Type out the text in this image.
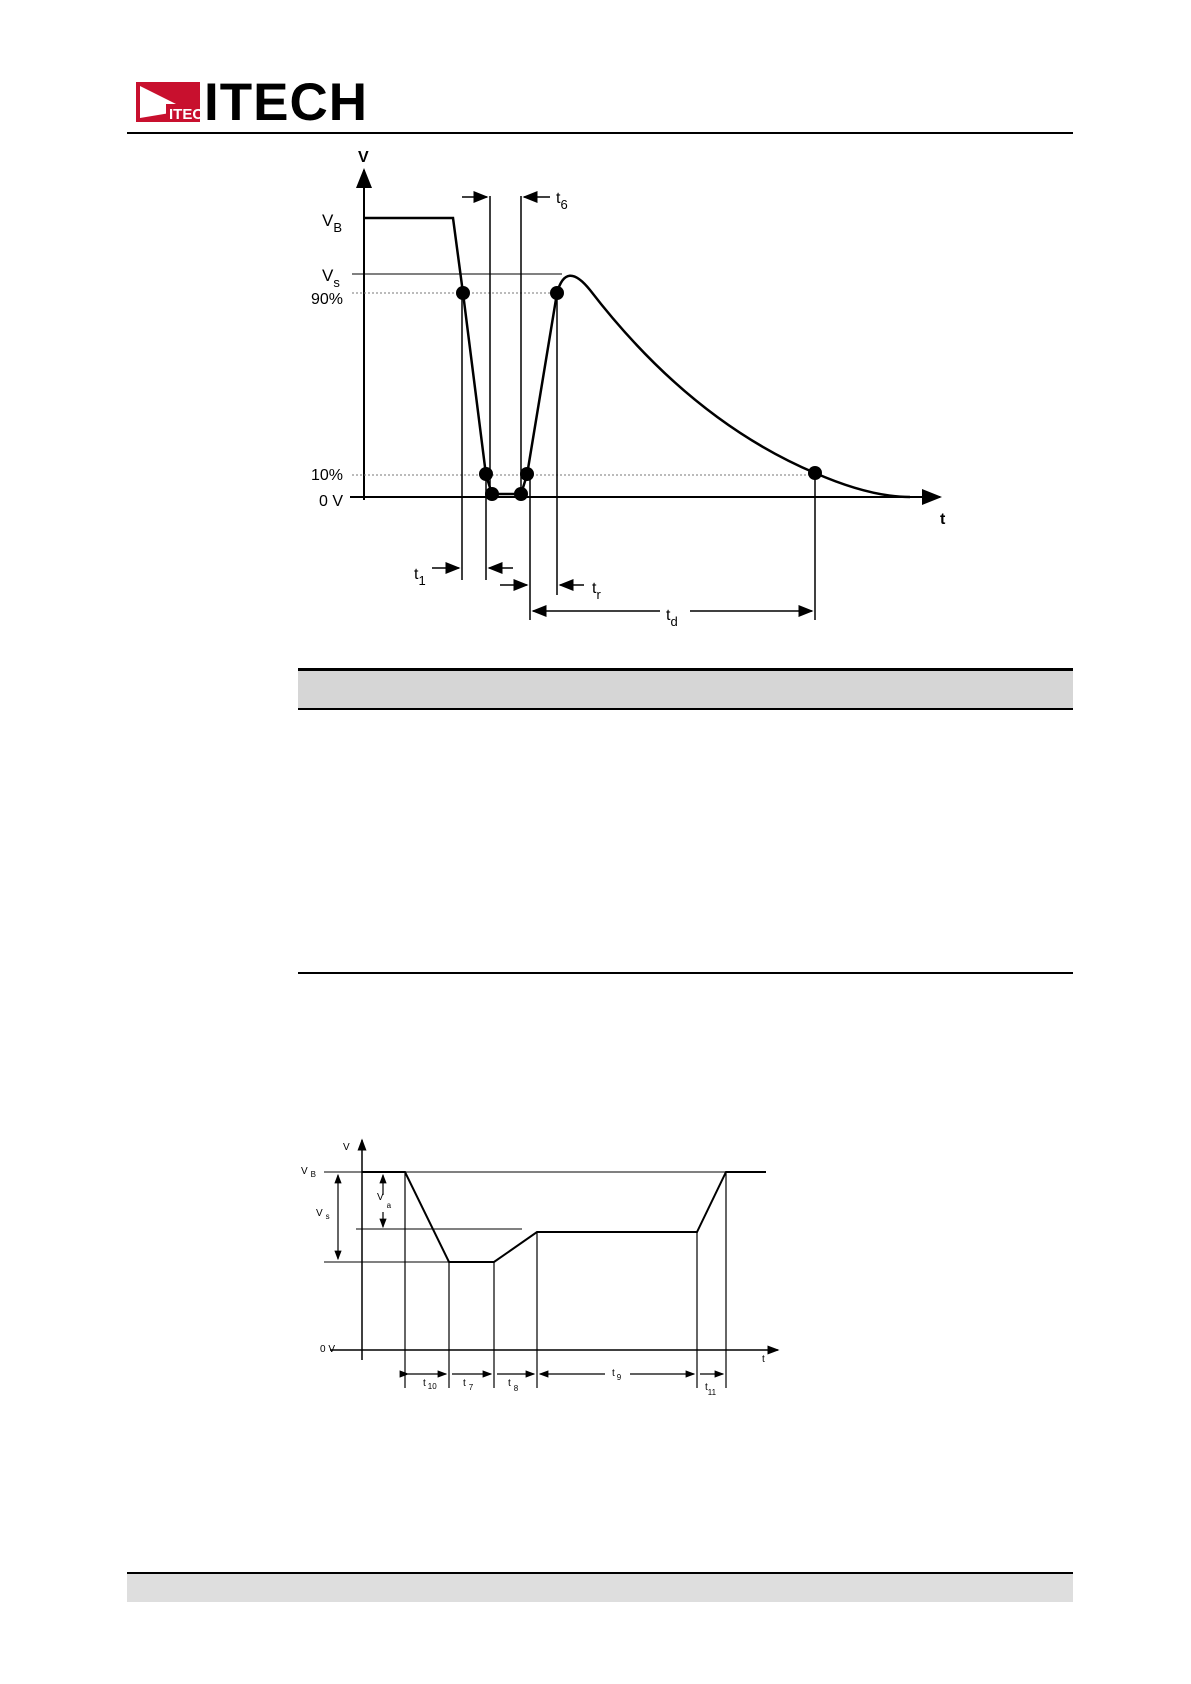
ITECH
ITECH
V
t
$V_B$
$V_s$
90%
10%
0 V
$t_6$
$t_1$	$t_r$
$t_d$
V
t
V $_B$
V $_s$
$V_a$
0 V
t $_{10}$	t $_7$	t $_8$
t $_9$
$t_{11}$
